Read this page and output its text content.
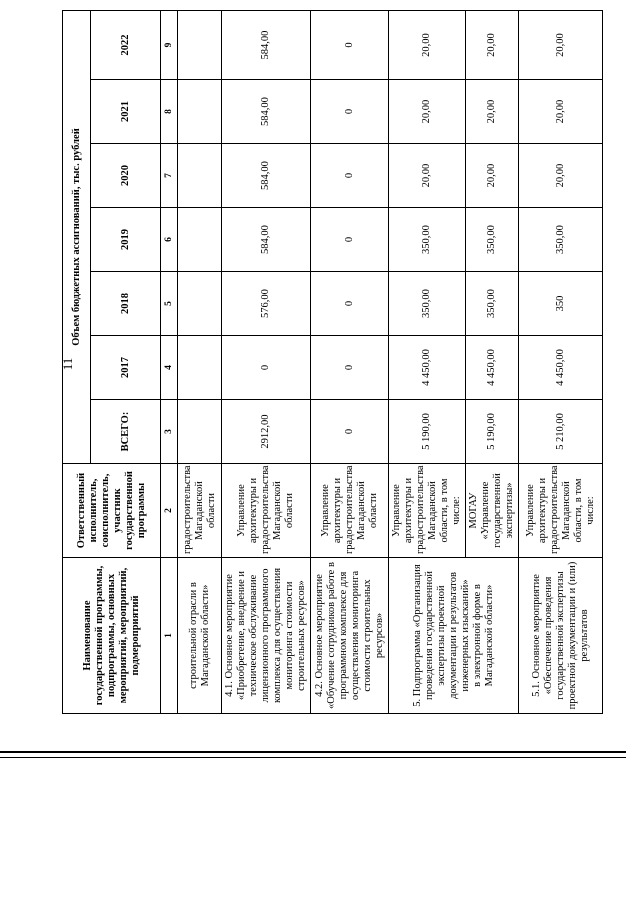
11
Наименование государственной программы, подпрограммы, основных мероприятий, мероприятий, подмероприятий	Ответственный исполнитель, соисполнитель, участник государственной программы	Объем бюджетных ассигнований, тыс. рублей						
		ВСЕГО:	2017	2018	2019	2020	2021	2022
1	2	3	4	5	6	7	8	9
строительной отрасли в Магаданской области»	градостроительства Магаданской области							
4.1. Основное мероприятие «Приобретение, внедрение и техническое обслуживание лицензионного программного комплекса для осуществления мониторинга стоимости строительных ресурсов»	Управление архитектуры и градостроительства Магаданской области	2912,00	0	576,00	584,00	584,00	584,00	584,00
4.2. Основное мероприятие «Обучение сотрудников работе в программном комплексе для осуществления мониторинга стоимости строительных ресурсов»	Управление архитектуры и градостроительства Магаданской области	0	0	0	0	0	0	0

5. Подпрограмма «Организация проведения государственной экспертизы проектной документации и результатов инженерных изысканий» в электронной форме в Магаданской области»	Управление архитектуры и градостроительства Магаданской области, в том числе:	5 190,00	4 450,00	350,00	350,00	20,00	20,00	20,00
	МОГАУ «Управление государственной экспертизы»	5 190,00	4 450,00	350,00	350,00	20,00	20,00	20,00
5.1. Основное мероприятие «Обеспечение проведения государственной экспертизы проектной документации и (или) результатов	Управление архитектуры и градостроительства Магаданской области, в том числе:	5 210,00	4 450,00	350	350,00	20,00	20,00	20,00
